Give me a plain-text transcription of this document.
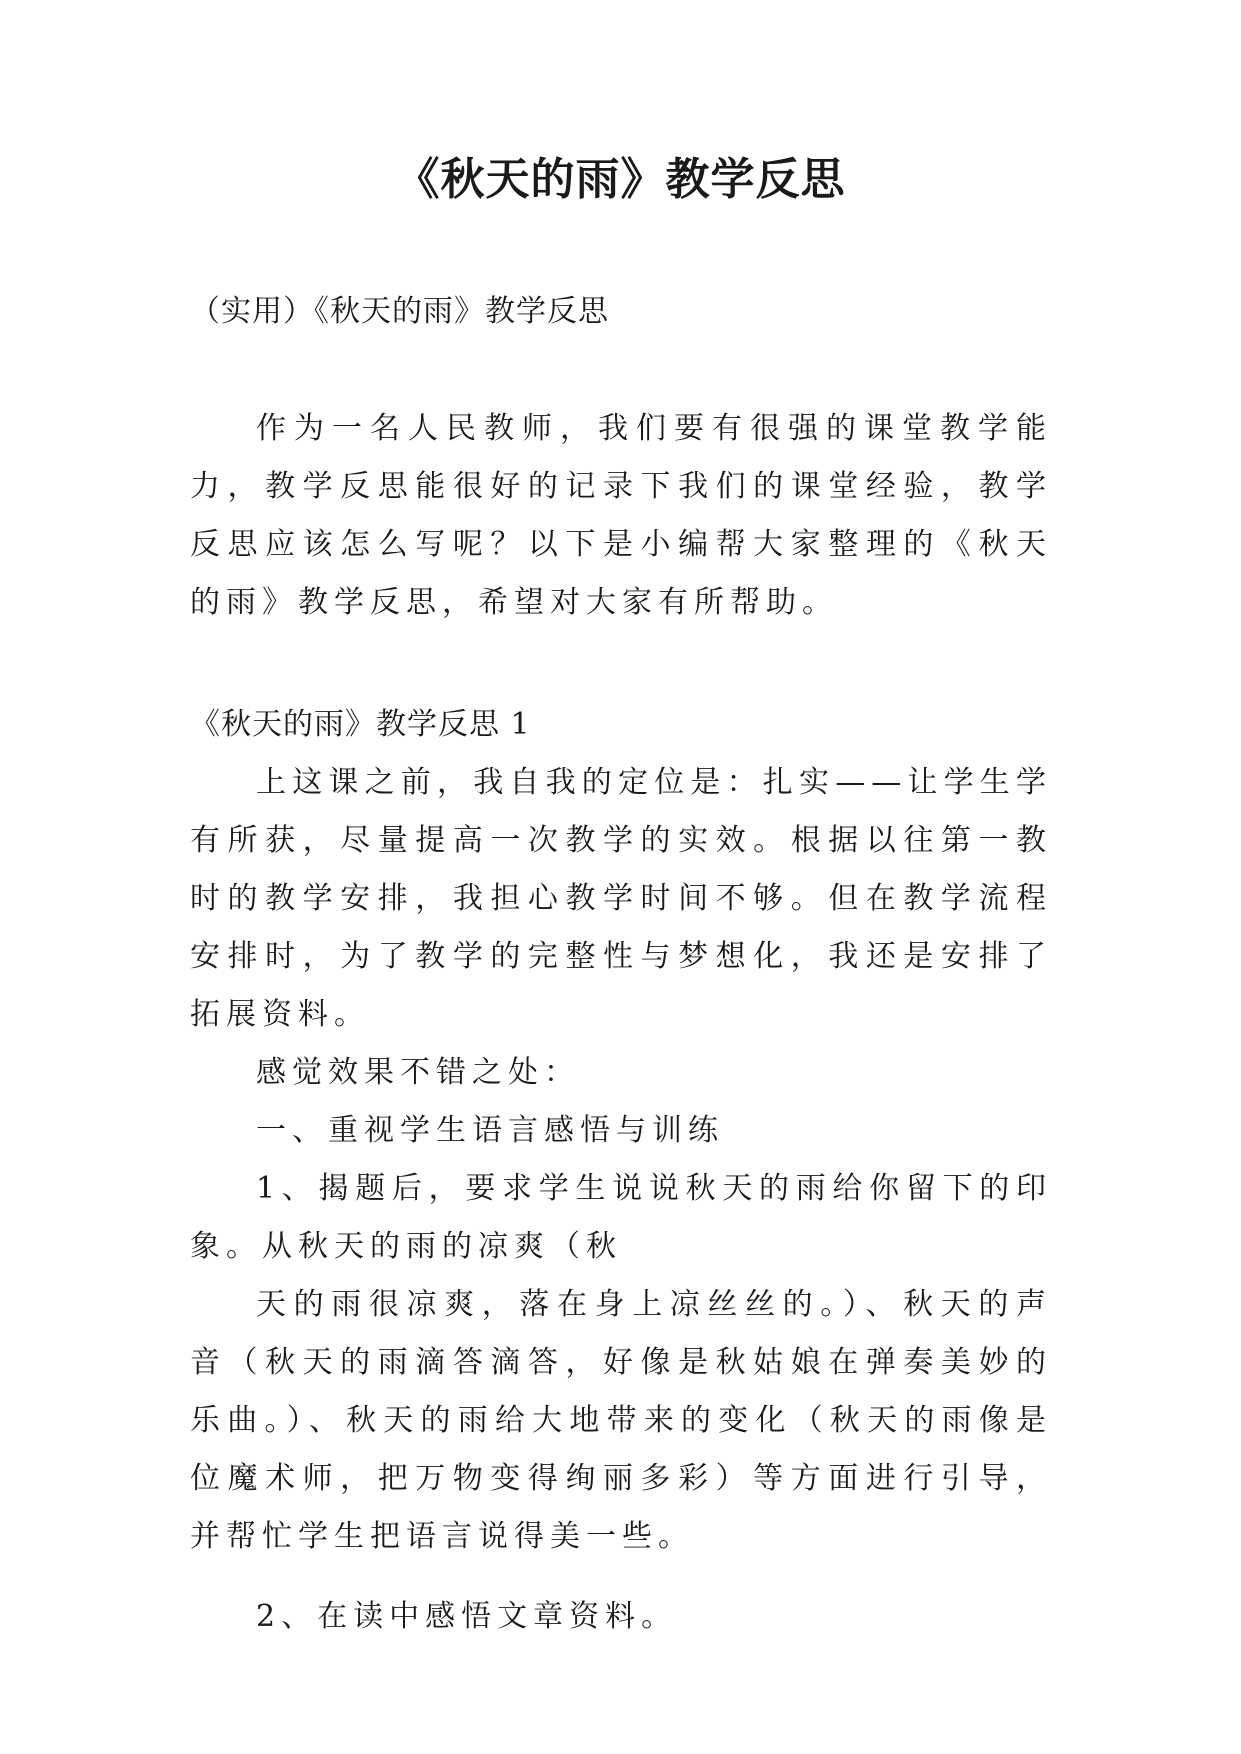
《秋天的雨》教学反思

（实用）《秋天的雨》教学反思

作为一名人民教师，我们要有很强的课堂教学能力，教学反思能很好的记录下我们的课堂经验，教学反思应该怎么写呢？以下是小编帮大家整理的《秋天的雨》教学反思，希望对大家有所帮助。

《秋天的雨》教学反思 1

上这课之前，我自我的定位是：扎实——让学生学有所获，尽量提高一次教学的实效。根据以往第一教时的教学安排，我担心教学时间不够。但在教学流程安排时，为了教学的完整性与梦想化，我还是安排了拓展资料。

感觉效果不错之处：

一、重视学生语言感悟与训练

1、揭题后，要求学生说说秋天的雨给你留下的印象。从秋天的雨的凉爽（秋

天的雨很凉爽，落在身上凉丝丝的。）、秋天的声音（秋天的雨滴答滴答，好像是秋姑娘在弹奏美妙的乐曲。）、秋天的雨给大地带来的变化（秋天的雨像是位魔术师，把万物变得绚丽多彩）等方面进行引导，并帮忙学生把语言说得美一些。

2、在读中感悟文章资料。
